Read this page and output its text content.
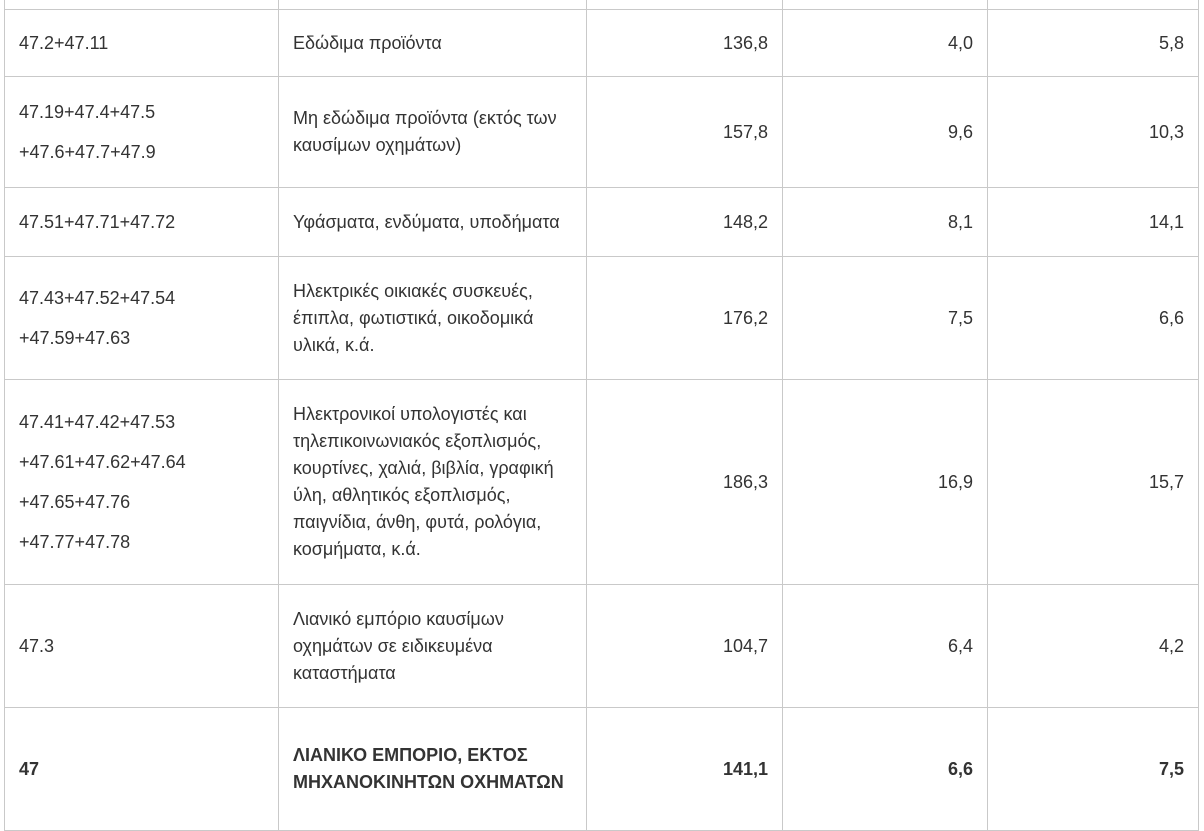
47.2+47.11	Εδώδιμα προϊόντα	136,8	4,0	5,8

47.19+47.4+47.5
+47.6+47.7+47.9	Μη εδώδιμα προϊόντα (εκτός των καυσίμων οχημάτων)	157,8	9,6	10,3

47.51+47.71+47.72	Υφάσματα, ενδύματα, υποδήματα	148,2	8,1	14,1

47.43+47.52+47.54
+47.59+47.63	Ηλεκτρικές οικιακές συσκευές, έπιπλα, φωτιστικά, οικοδομικά υλικά, κ.ά.	176,2	7,5	6,6

47.41+47.42+47.53
+47.61+47.62+47.64
+47.65+47.76
+47.77+47.78	Ηλεκτρονικοί υπολογιστές και τηλεπικοινωνιακός εξοπλισμός, κουρτίνες, χαλιά, βιβλία, γραφική ύλη, αθλητικός εξοπλισμός, παιγνίδια, άνθη, φυτά, ρολόγια, κοσμήματα, κ.ά.	186,3	16,9	15,7

47.3	Λιανικό εμπόριο καυσίμων οχημάτων σε ειδικευμένα καταστήματα	104,7	6,4	4,2

47	ΛΙΑΝΙΚΟ ΕΜΠΟΡΙΟ, ΕΚΤΟΣ ΜΗΧΑΝΟΚΙΝΗΤΩΝ ΟΧΗΜΑΤΩΝ	141,1	6,6	7,5
